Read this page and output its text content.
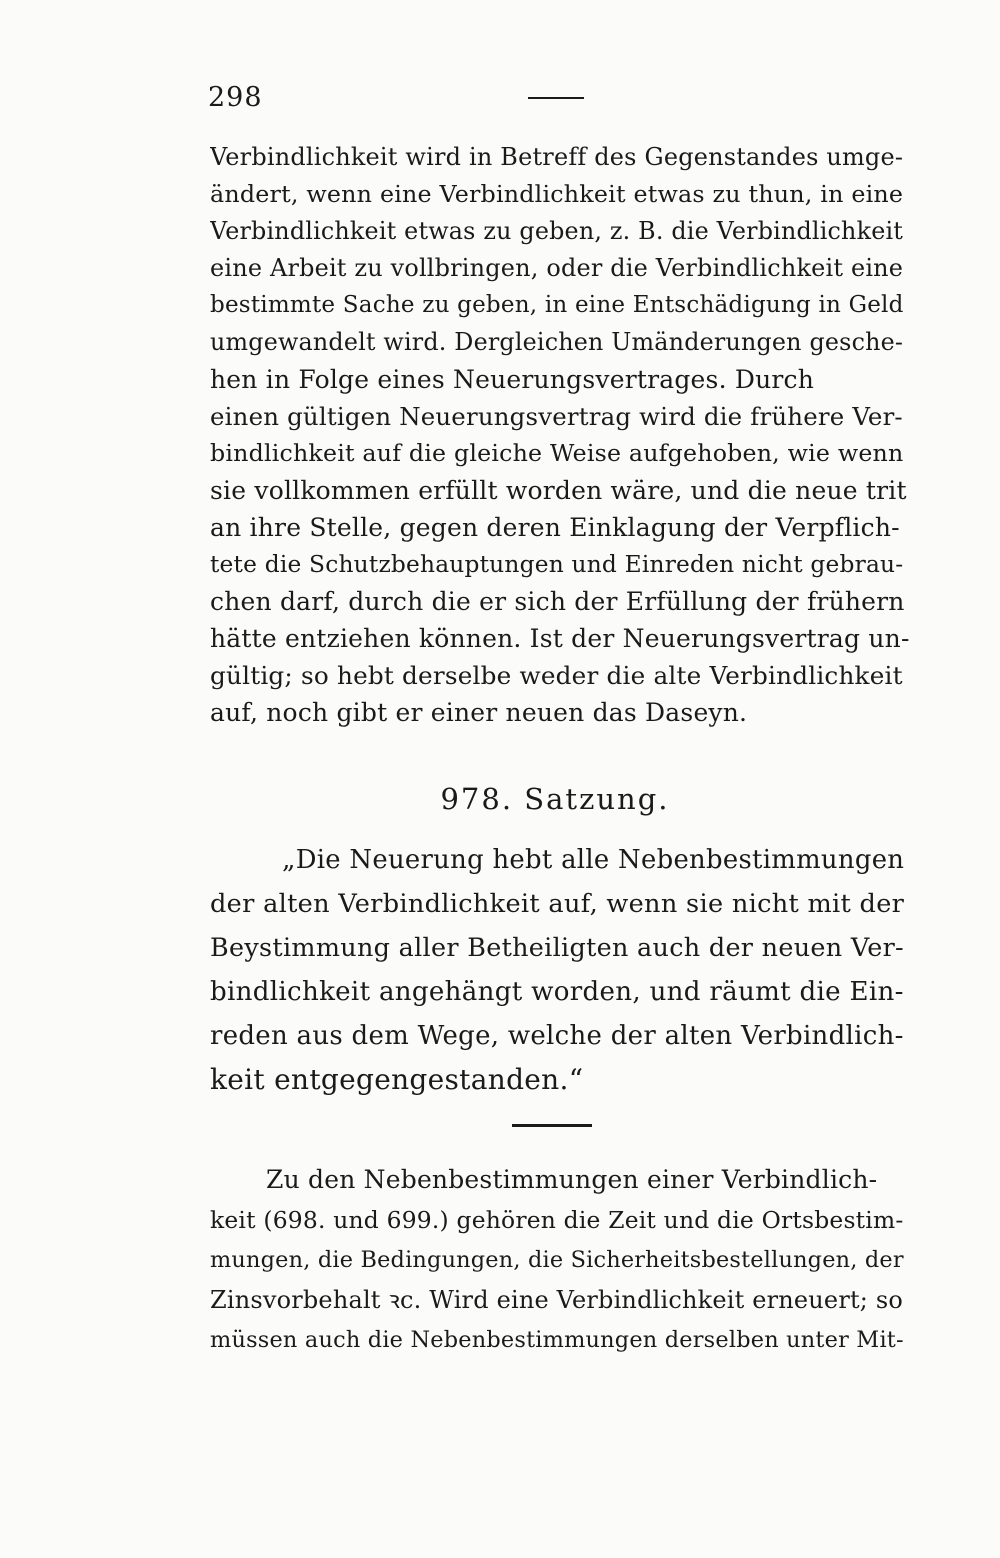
298
Verbindlichkeit wird in Betreff des Gegenstandes umge-
ändert, wenn eine Verbindlichkeit etwas zu thun, in eine
Verbindlichkeit etwas zu geben, z. B. die Verbindlichkeit
eine Arbeit zu vollbringen, oder die Verbindlichkeit eine
bestimmte Sache zu geben, in eine Entschädigung in Geld
umgewandelt wird. Dergleichen Umänderungen gesche-
hen in Folge eines Neuerungsvertrages. Durch
einen gültigen Neuerungsvertrag wird die frühere Ver-
bindlichkeit auf die gleiche Weise aufgehoben, wie wenn
sie vollkommen erfüllt worden wäre, und die neue trit
an ihre Stelle, gegen deren Einklagung der Verpflich-
tete die Schutzbehauptungen und Einreden nicht gebrau-
chen darf, durch die er sich der Erfüllung der frühern
hätte entziehen können. Ist der Neuerungsvertrag un-
gültig; so hebt derselbe weder die alte Verbindlichkeit
auf, noch gibt er einer neuen das Daseyn.
978. Satzung.
„Die Neuerung hebt alle Nebenbestimmungen
der alten Verbindlichkeit auf, wenn sie nicht mit der
Beystimmung aller Betheiligten auch der neuen Ver-
bindlichkeit angehängt worden, und räumt die Ein-
reden aus dem Wege, welche der alten Verbindlich-
keit entgegengestanden.“
Zu den Nebenbestimmungen einer Verbindlich-
keit (698. und 699.) gehören die Zeit und die Ortsbestim-
mungen, die Bedingungen, die Sicherheitsbestellungen, der
Zinsvorbehalt ꝛc. Wird eine Verbindlichkeit erneuert; so
müssen auch die Nebenbestimmungen derselben unter Mit-
